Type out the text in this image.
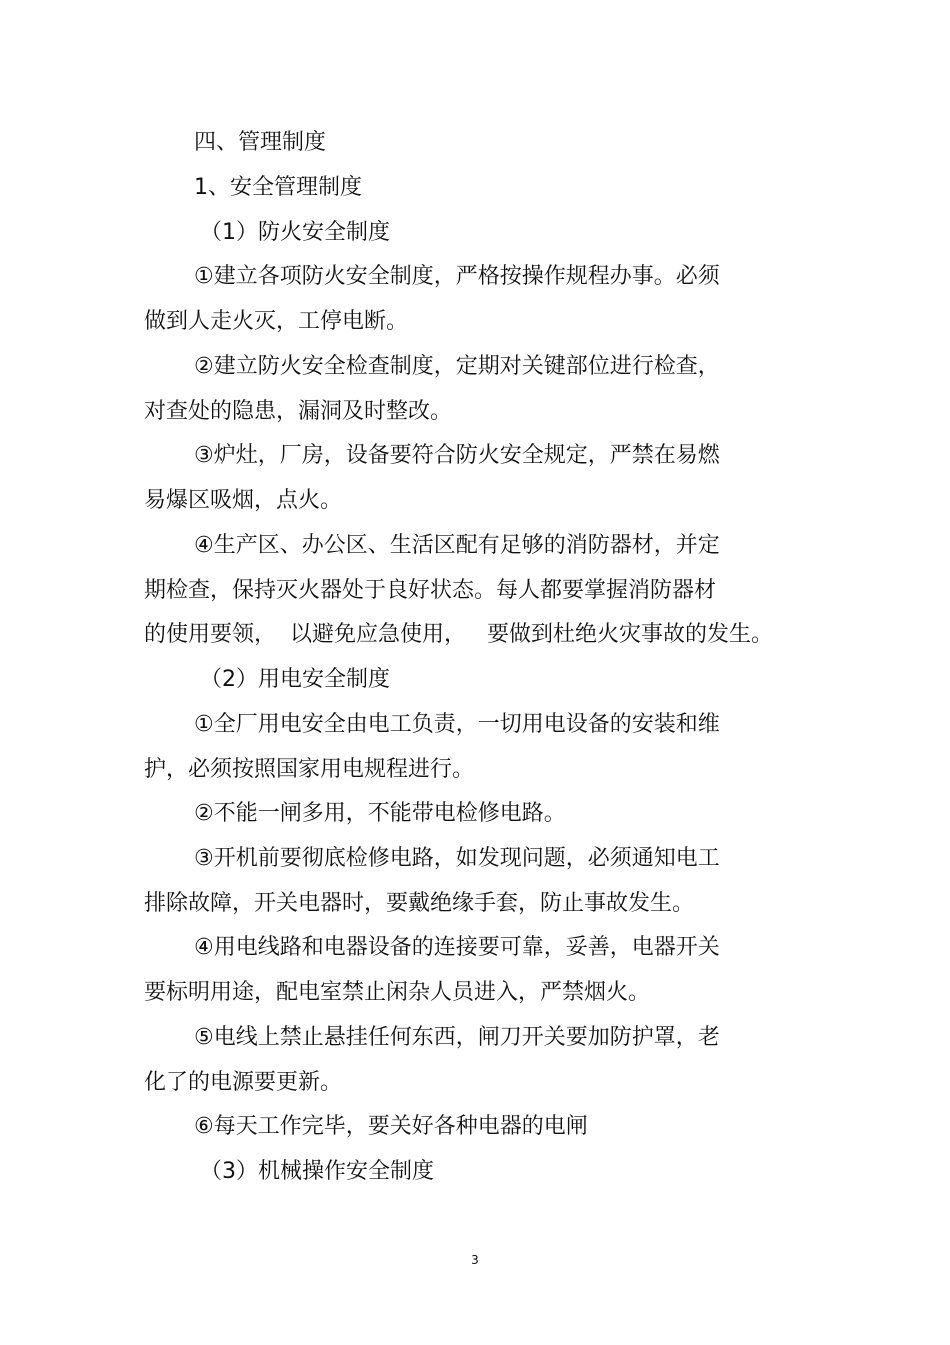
四、管理制度
1、安全管理制度
（1）防火安全制度
①建立各项防火安全制度，严格按操作规程办事。必须
做到人走火灭，工停电断。
②建立防火安全检查制度，定期对关键部位进行检查，
对查处的隐患，漏洞及时整改。
③炉灶，厂房，设备要符合防火安全规定，严禁在易燃
易爆区吸烟，点火。
④生产区、办公区、生活区配有足够的消防器材，并定
期检查，保持灭火器处于良好状态。每人都要掌握消防器材
的使用要领，  以避免应急使用，   要做到杜绝火灾事故的发生。
（2）用电安全制度
①全厂用电安全由电工负责，一切用电设备的安装和维
护，必须按照国家用电规程进行。
②不能一闸多用，不能带电检修电路。
③开机前要彻底检修电路，如发现问题，必须通知电工
排除故障，开关电器时，要戴绝缘手套，防止事故发生。
④用电线路和电器设备的连接要可靠，妥善，电器开关
要标明用途，配电室禁止闲杂人员进入，严禁烟火。
⑤电线上禁止悬挂任何东西，闸刀开关要加防护罩，老
化了的电源要更新。
⑥每天工作完毕，要关好各种电器的电闸
（3）机械操作安全制度
3
